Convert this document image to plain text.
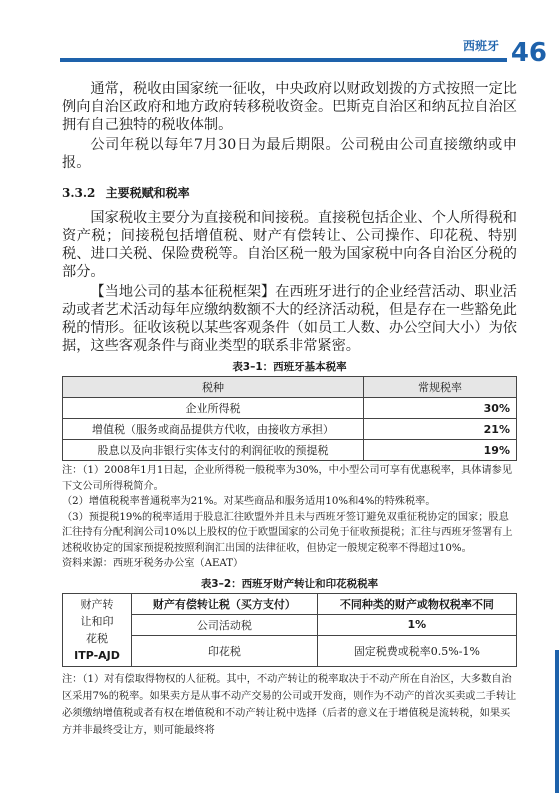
西班牙 46

通常，税收由国家统一征收，中央政府以财政划拨的方式按照一定比例向自治区政府和地方政府转移税收资金。巴斯克自治区和纳瓦拉自治区拥有自己独特的税收体制。

公司年税以每年7月30日为最后期限。公司税由公司直接缴纳或申报。

3.3.2 主要税赋和税率

国家税收主要分为直接税和间接税。直接税包括企业、个人所得税和资产税；间接税包括增值税、财产有偿转让、公司操作、印花税、特别税、进口关税、保险费税等。自治区税一般为国家税中向各自治区分税的部分。

【当地公司的基本征税框架】在西班牙进行的企业经营活动、职业活动或者艺术活动每年应缴纳数额不大的经济活动税，但是存在一些豁免此税的情形。征收该税以某些客观条件（如员工人数、办公空间大小）为依据，这些客观条件与商业类型的联系非常紧密。

表3–1：西班牙基本税率
税种	常规税率
企业所得税	30%
增值税（服务或商品提供方代收，由接收方承担）	21%
股息以及向非银行实体支付的利润征收的预提税	19%

注：（1）2008年1月1日起，企业所得税一般税率为30%，中小型公司可享有优惠税率，具体请参见下文公司所得税简介。

（2）增值税税率普通税率为21%。对某些商品和服务适用10%和4%的特殊税率。

（3）预提税19%的税率适用于股息汇往欧盟外并且未与西班牙签订避免双重征税协定的国家；股息汇往持有分配利润公司10%以上股权的位于欧盟国家的公司免于征收预提税；汇往与西班牙签署有上述税收协定的国家预提税按照利润汇出国的法律征收，但协定一般规定税率不得超过10%。

资料来源：西班牙税务办公室（AEAT）

表3–2：西班牙财产转让和印花税税率
财产转
让和印
花税
ITP-AJD	财产有偿转让税（买方支付）	不同种类的财产或物权税率不同
	公司活动税	1%
	印花税	固定税费或税率0.5%-1%

注：（1）对有偿取得物权的人征税。其中，不动产转让的税率取决于不动产所在自治区，大多数自治区采用7%的税率。如果卖方是从事不动产交易的公司或开发商，则作为不动产的首次买卖或二手转让必须缴纳增值税或者有权在增值税和不动产转让税中选择（后者的意义在于增值税是流转税，如果买方并非最终受让方，则可能最终将
